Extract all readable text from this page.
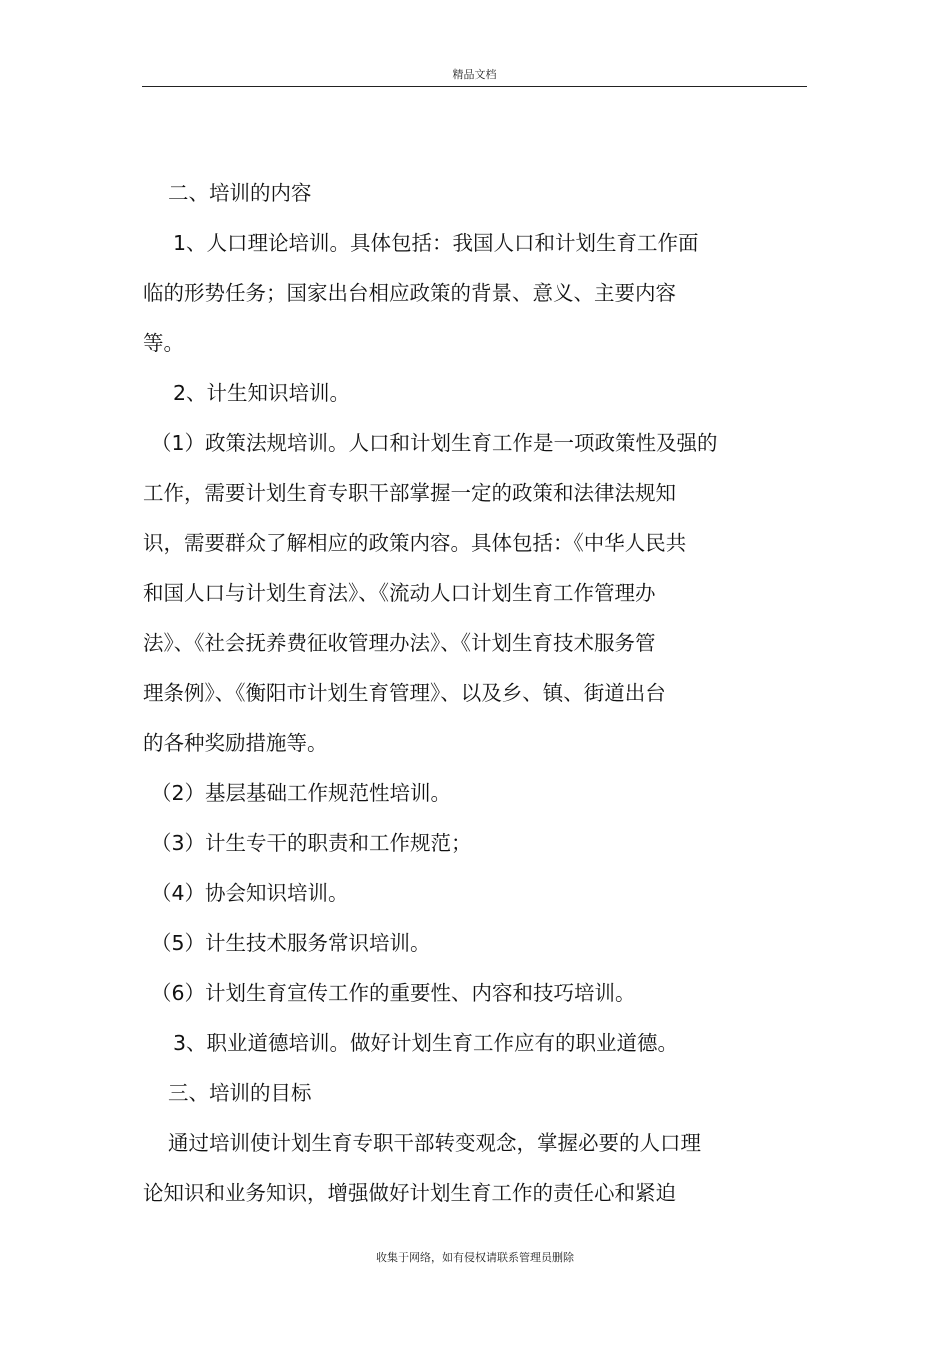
精品文档
二、培训的内容
1、人口理论培训。具体包括：我国人口和计划生育工作面
临的形势任务；国家出台相应政策的背景、意义、主要内容
等。
2、计生知识培训。
（1）政策法规培训。人口和计划生育工作是一项政策性及强的
工作，需要计划生育专职干部掌握一定的政策和法律法规知
识，需要群众了解相应的政策内容。具体包括：《中华人民共
和国人口与计划生育法》、《流动人口计划生育工作管理办
法》、《社会抚养费征收管理办法》、《计划生育技术服务管
理条例》、《衡阳市计划生育管理》、以及乡、镇、街道出台
的各种奖励措施等。
（2）基层基础工作规范性培训。
（3）计生专干的职责和工作规范；
（4）协会知识培训。
（5）计生技术服务常识培训。
（6）计划生育宣传工作的重要性、内容和技巧培训。
3、职业道德培训。做好计划生育工作应有的职业道德。
三、培训的目标
通过培训使计划生育专职干部转变观念，掌握必要的人口理
论知识和业务知识，增强做好计划生育工作的责任心和紧迫
收集于网络，如有侵权请联系管理员删除
